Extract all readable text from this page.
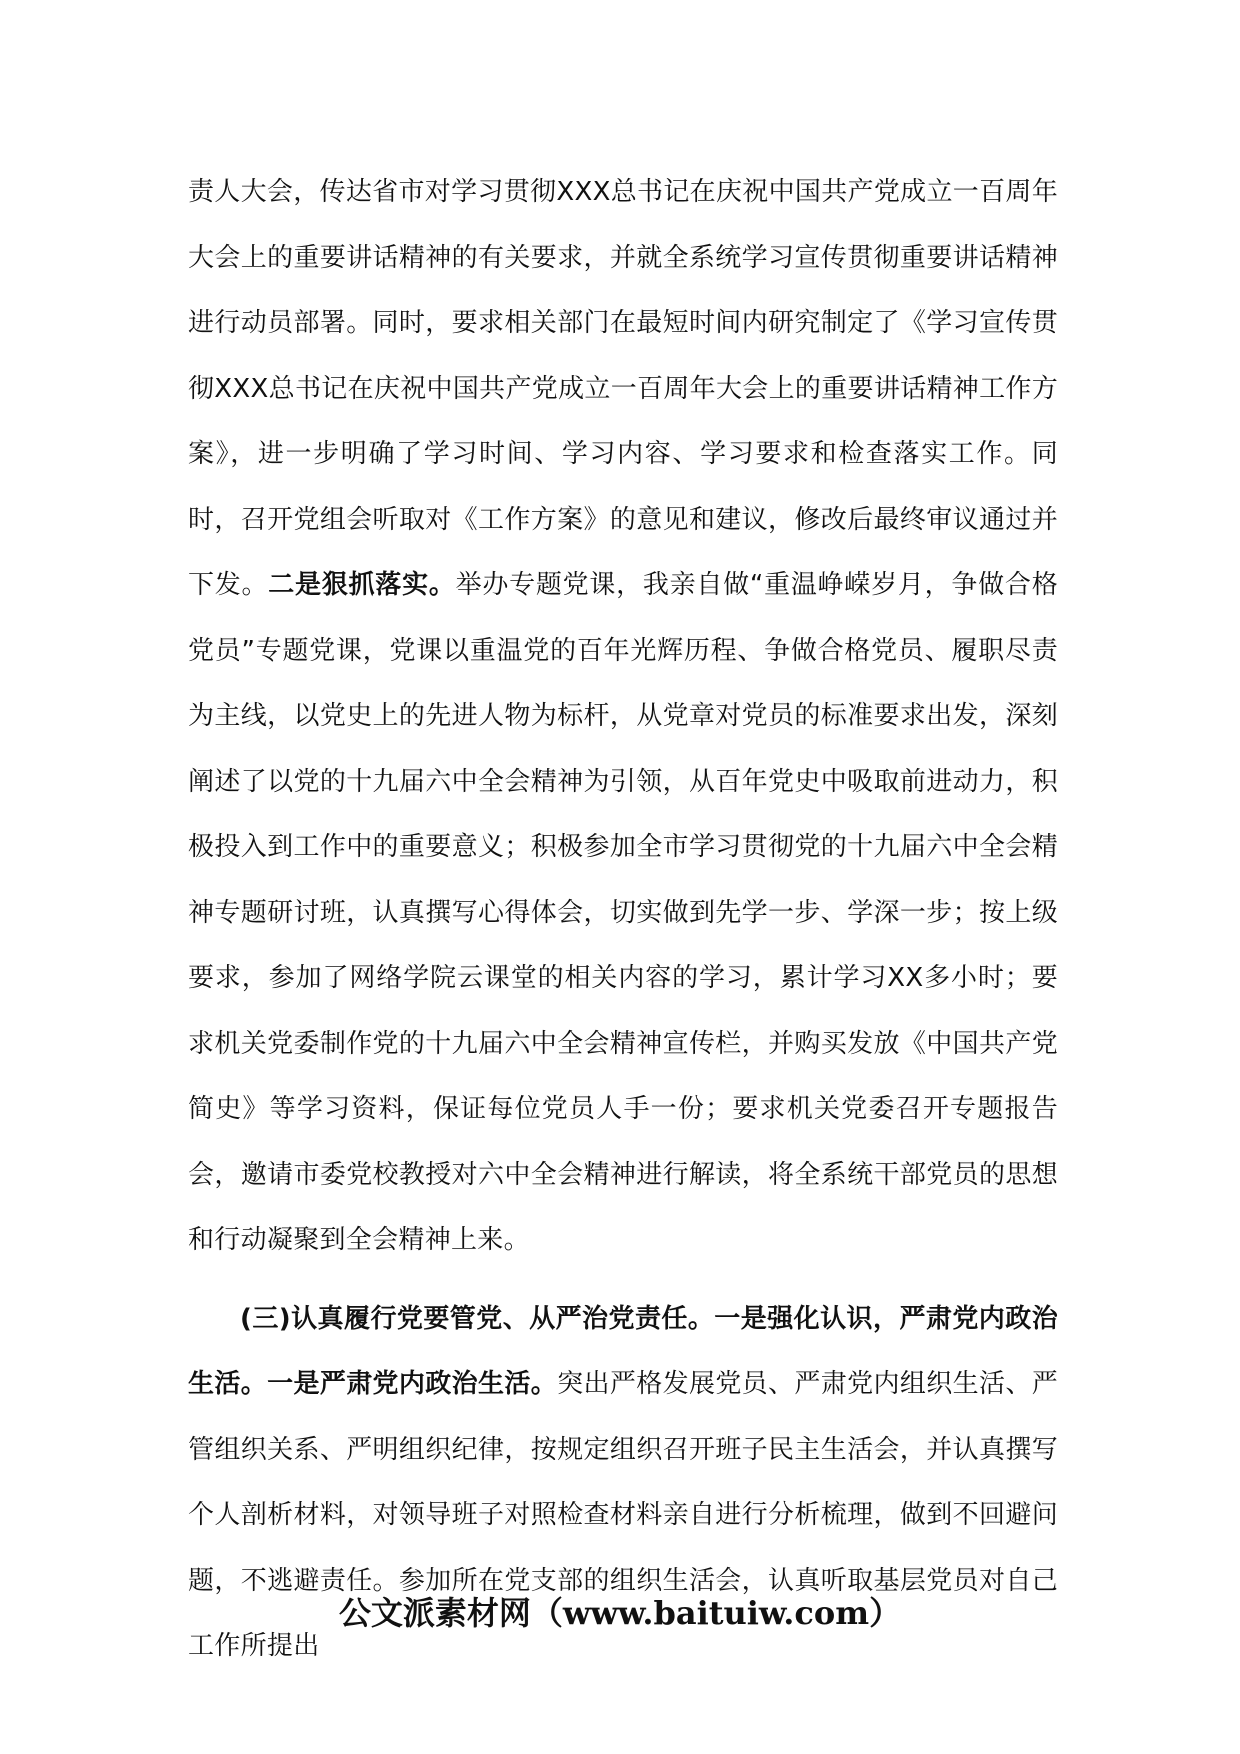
责人大会，传达省市对学习贯彻XXX总书记在庆祝中国共产党成立一百周年大会上的重要讲话精神的有关要求，并就全系统学习宣传贯彻重要讲话精神进行动员部署。同时，要求相关部门在最短时间内研究制定了《学习宣传贯彻XXX总书记在庆祝中国共产党成立一百周年大会上的重要讲话精神工作方案》，进一步明确了学习时间、学习内容、学习要求和检查落实工作。同时，召开党组会听取对《工作方案》的意见和建议，修改后最终审议通过并下发。二是狠抓落实。举办专题党课，我亲自做“重温峥嵘岁月，争做合格党员”专题党课，党课以重温党的百年光辉历程、争做合格党员、履职尽责为主线，以党史上的先进人物为标杆，从党章对党员的标准要求出发，深刻阐述了以党的十九届六中全会精神为引领，从百年党史中吸取前进动力，积极投入到工作中的重要意义；积极参加全市学习贯彻党的十九届六中全会精神专题研讨班，认真撰写心得体会，切实做到先学一步、学深一步；按上级要求，参加了网络学院云课堂的相关内容的学习，累计学习XX多小时；要求机关党委制作党的十九届六中全会精神宣传栏，并购买发放《中国共产党简史》等学习资料，保证每位党员人手一份；要求机关党委召开专题报告会，邀请市委党校教授对六中全会精神进行解读，将全系统干部党员的思想和行动凝聚到全会精神上来。

(三)认真履行党要管党、从严治党责任。一是强化认识，严肃党内政治生活。一是严肃党内政治生活。突出严格发展党员、严肃党内组织生活、严管组织关系、严明组织纪律，按规定组织召开班子民主生活会，并认真撰写个人剖析材料，对领导班子对照检查材料亲自进行分析梳理，做到不回避问题，不逃避责任。参加所在党支部的组织生活会，认真听取基层党员对自己工作所提出

公文派素材网（www.baituiw.com）
